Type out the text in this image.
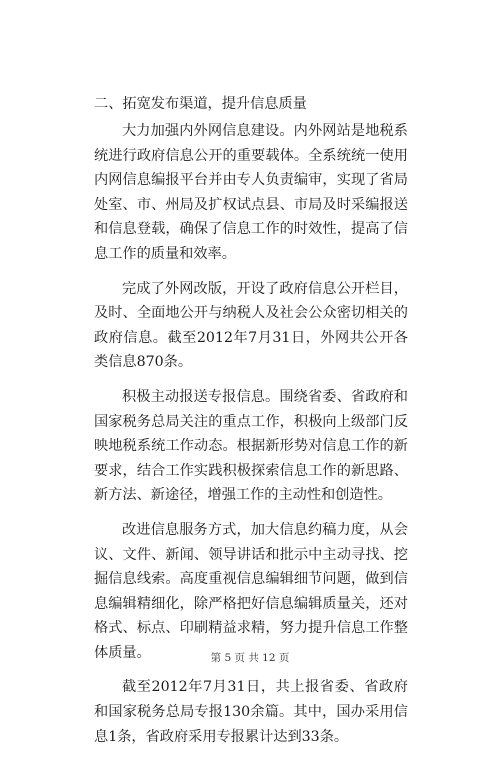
二、拓宽发布渠道，提升信息质量

大力加强内外网信息建设。内外网站是地税系统进行政府信息公开的重要载体。全系统统一使用内网信息编报平台并由专人负责编审，实现了省局处室、市、州局及扩权试点县、市局及时采编报送和信息登载，确保了信息工作的时效性，提高了信息工作的质量和效率。

完成了外网改版，开设了政府信息公开栏目，及时、全面地公开与纳税人及社会公众密切相关的政府信息。截至2012年7月31日，外网共公开各类信息870条。

积极主动报送专报信息。围绕省委、省政府和国家税务总局关注的重点工作，积极向上级部门反映地税系统工作动态。根据新形势对信息工作的新要求，结合工作实践积极探索信息工作的新思路、新方法、新途径，增强工作的主动性和创造性。

改进信息服务方式，加大信息约稿力度，从会议、文件、新闻、领导讲话和批示中主动寻找、挖掘信息线索。高度重视信息编辑细节问题，做到信息编辑精细化，除严格把好信息编辑质量关，还对格式、标点、印刷精益求精，努力提升信息工作整体质量。

截至2012年7月31日，共上报省委、省政府和国家税务总局专报130余篇。其中，国办采用信息1条，省政府采用专报累计达到33条。

第 5 页 共 12 页
